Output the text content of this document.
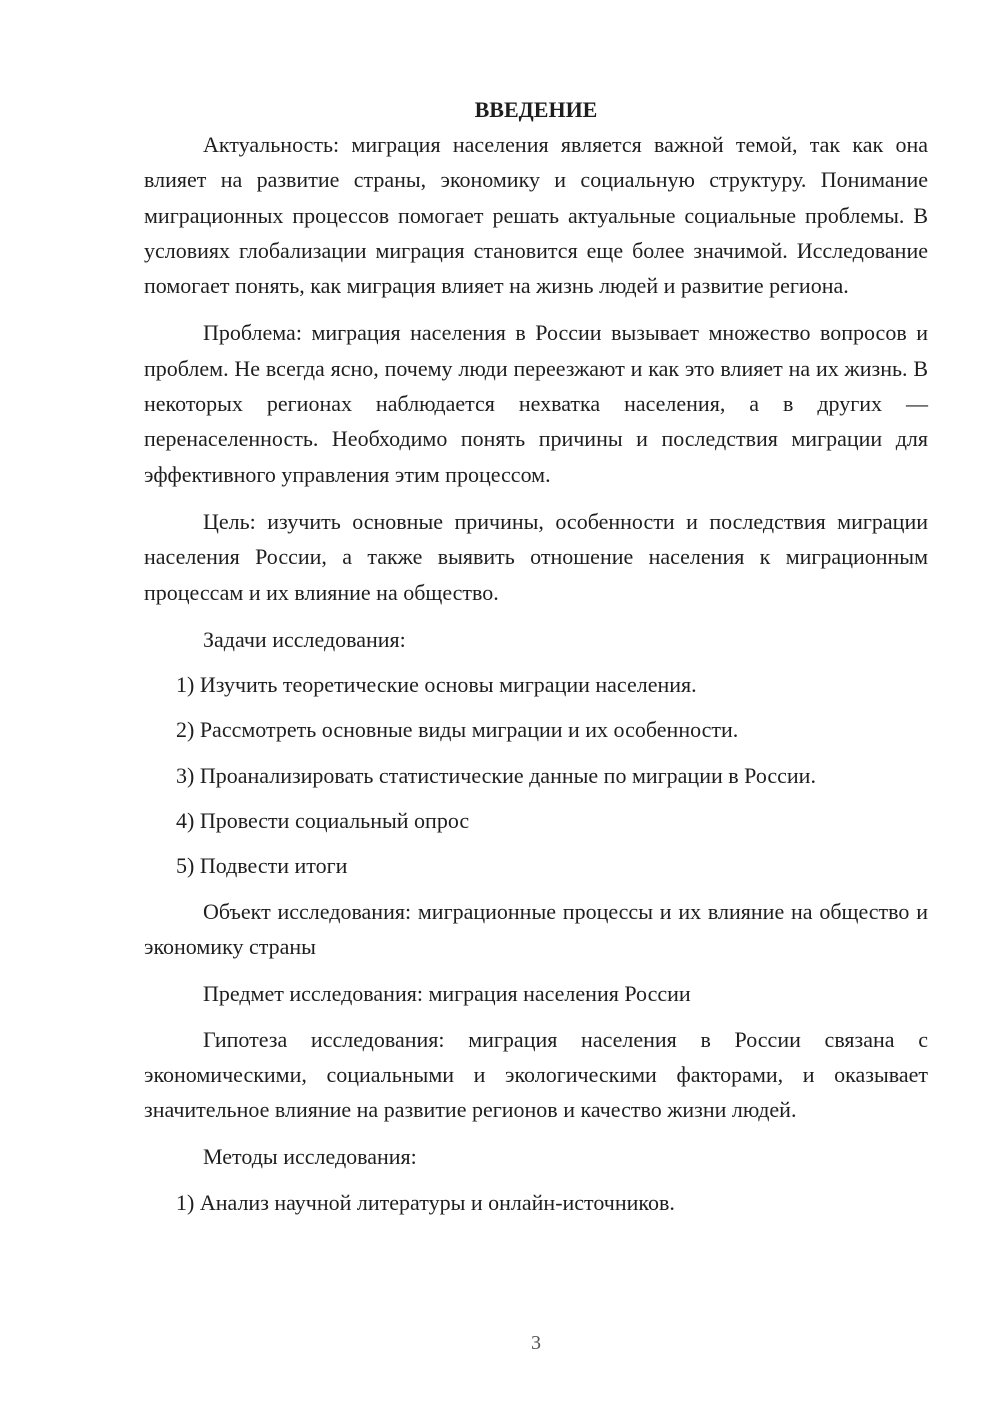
ВВЕДЕНИЕ

Актуальность: миграция населения является важной темой, так как она влияет на развитие страны, экономику и социальную структуру. Понимание миграционных процессов помогает решать актуальные социальные проблемы. В условиях глобализации миграция становится еще более значимой. Исследование помогает понять, как миграция влияет на жизнь людей и развитие региона.

Проблема: миграция населения в России вызывает множество вопросов и проблем. Не всегда ясно, почему люди переезжают и как это влияет на их жизнь. В некоторых регионах наблюдается нехватка населения, а в других — перенаселенность. Необходимо понять причины и последствия миграции для эффективного управления этим процессом.

Цель: изучить основные причины, особенности и последствия миграции населения России, а также выявить отношение населения к миграционным процессам и их влияние на общество.

Задачи исследования:
1) Изучить теоретические основы миграции населения.
2) Рассмотреть основные виды миграции и их особенности.
3) Проанализировать статистические данные по миграции в России.
4) Провести социальный опрос
5) Подвести итоги

Объект исследования: миграционные процессы и их влияние на общество и экономику страны

Предмет исследования: миграция населения России

Гипотеза исследования: миграция населения в России связана с экономическими, социальными и экологическими факторами, и оказывает значительное влияние на развитие регионов и качество жизни людей.

Методы исследования:
1) Анализ научной литературы и онлайн-источников.
3
